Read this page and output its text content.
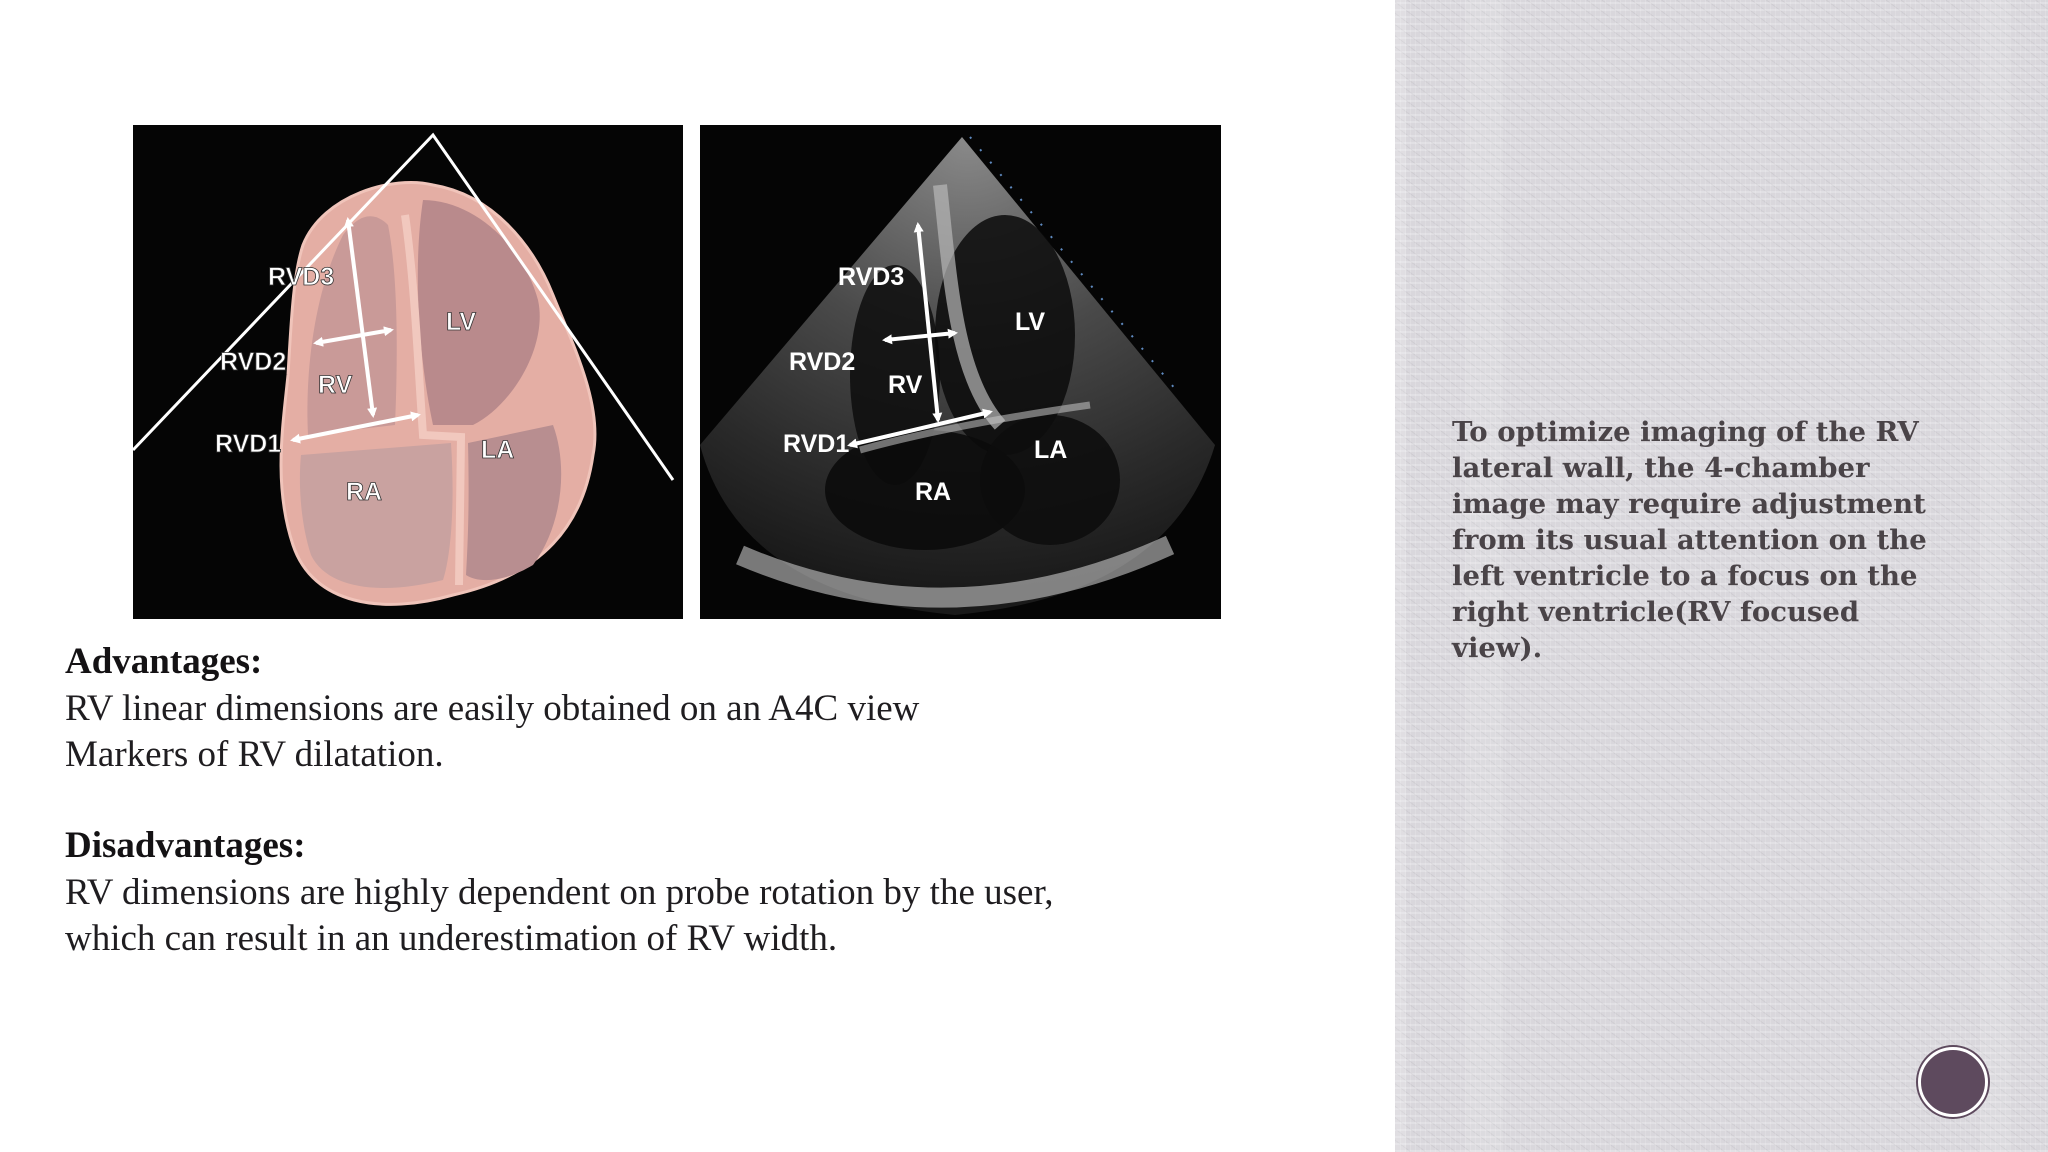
To optimize imaging of the RV
lateral wall, the 4-chamber
image may require adjustment
from its usual attention on the
left ventricle to a focus on the
right ventricle(RV focused
view).

RVD3
RVD2
RV
RVD1
LV
LA
RA
RVD3
RVD2
RV
RVD1
LV
LA
RA

Advantages:

RV linear dimensions are easily obtained on an A4C view

Markers of RV dilatation.

Disadvantages:

RV dimensions are highly dependent on probe rotation by the user,

which can result in an underestimation of RV width.
